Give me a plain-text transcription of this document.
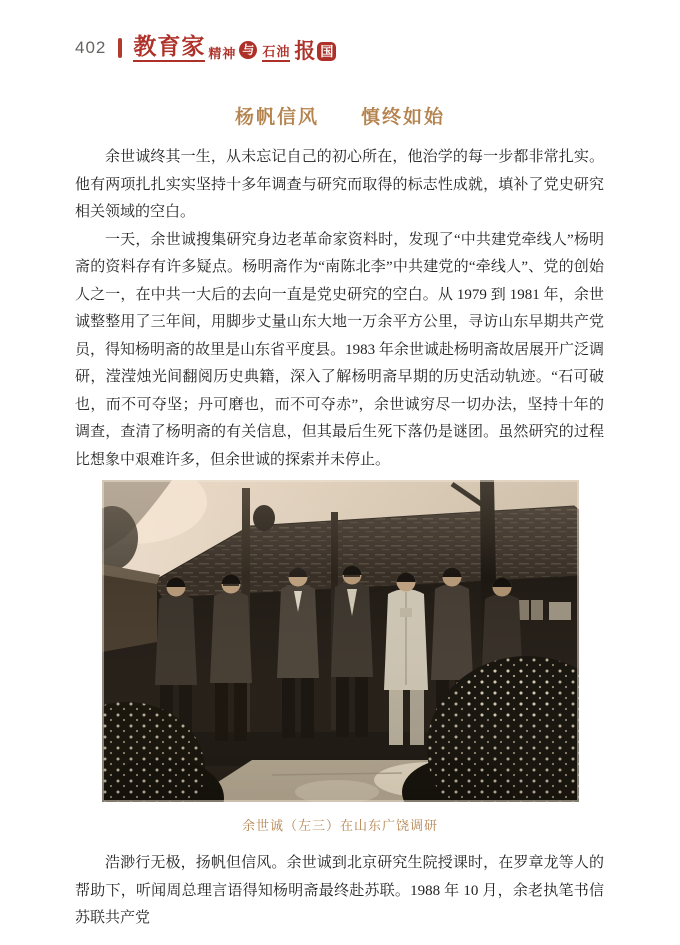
402 教育家 精神 与 石油 报 国
杨帆信风　　慎终如始

余世诚终其一生，从未忘记自己的初心所在，他治学的每一步都非常扎实。他有两项扎扎实实坚持十多年调查与研究而取得的标志性成就，填补了党史研究相关领域的空白。

一天，余世诚搜集研究身边老革命家资料时，发现了“中共建党牵线人”杨明斋的资料存有许多疑点。杨明斋作为“南陈北李”中共建党的“牵线人”、党的创始人之一，在中共一大后的去向一直是党史研究的空白。从 1979 到 1981 年，余世诚整整用了三年间，用脚步丈量山东大地一万余平方公里，寻访山东早期共产党员，得知杨明斋的故里是山东省平度县。1983 年余世诚赴杨明斋故居展开广泛调研，滢滢烛光间翻阅历史典籍，深入了解杨明斋早期的历史活动轨迹。“石可破也，而不可夺坚；丹可磨也，而不可夺赤”，余世诚穷尽一切办法，坚持十年的调查，查清了杨明斋的有关信息，但其最后生死下落仍是谜团。虽然研究的过程比想象中艰难许多，但余世诚的探索并未停止。

余世诚（左三）在山东广饶调研

浩渺行无极，扬帆但信风。余世诚到北京研究生院授课时，在罗章龙等人的帮助下，听闻周总理言语得知杨明斋最终赴苏联。1988 年 10 月，余老执笔书信苏联共产党
